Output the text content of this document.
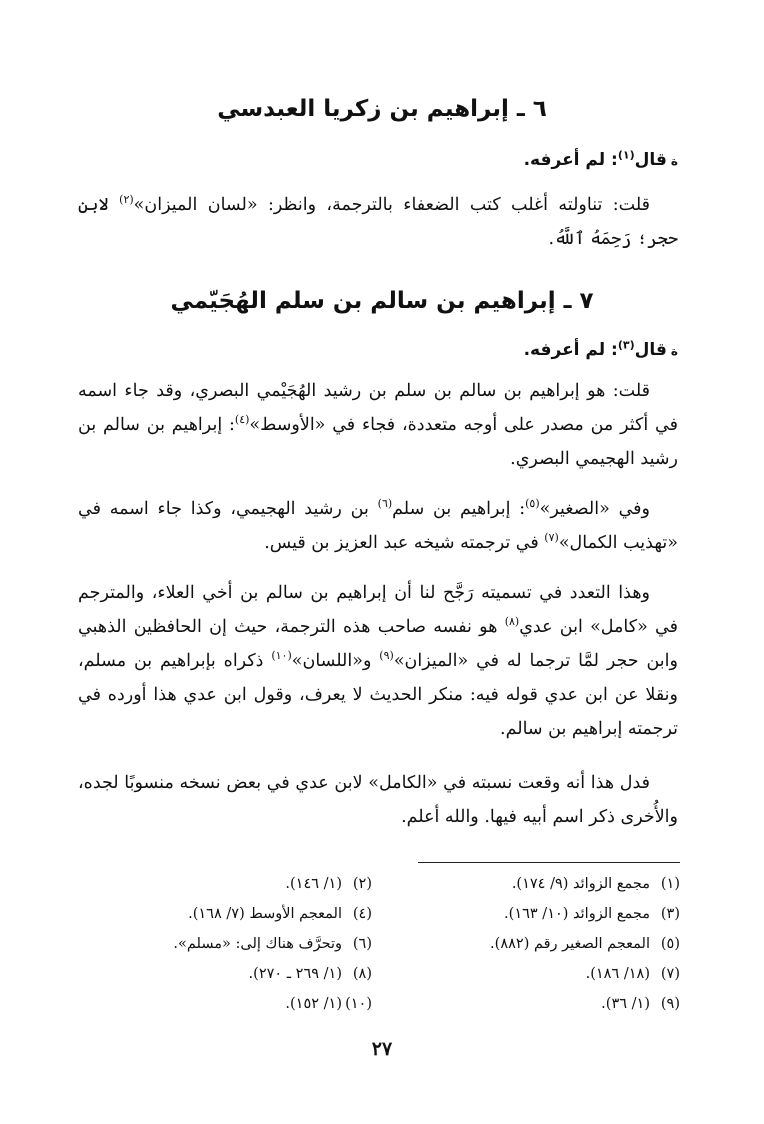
٦ ـ إبراهيم بن زكريا العبدسي
ةقال$^{(١)}$: لم أعرفه.
قلت: تناولته أغلب كتب الضعفاء بالترجمة، وانظر: «لسان الميزان»$^{(٢)}$ لابن حجر؛ رَحِمَهُ ٱللَّهُ.
٧ ـ إبراهيم بن سالم بن سلم الهُجَيّمي
ةقال$^{(٣)}$: لم أعرفه.
قلت: هو إبراهيم بن سالم بن سلم بن رشيد الهُجَيْمي البصري، وقد جاء اسمه في أكثر من مصدر على أوجه متعددة، فجاء في «الأوسط»$^{(٤)}$: إبراهيم بن سالم بن رشيد الهجيمي البصري.
وفي «الصغير»$^{(٥)}$: إبراهيم بن سلم$^{(٦)}$ بن رشيد الهجيمي، وكذا جاء اسمه في «تهذيب الكمال»$^{(٧)}$ في ترجمته شيخه عبد العزيز بن قيس.
وهذا التعدد في تسميته رَجَّح لنا أن إبراهيم بن سالم بن أخي العلاء، والمترجم في «كامل» ابن عدي$^{(٨)}$ هو نفسه صاحب هذه الترجمة، حيث إن الحافظين الذهبي وابن حجر لمَّا ترجما له في «الميزان»$^{(٩)}$ و«اللسان»$^{(١٠)}$ ذكراه بإبراهيم بن مسلم، ونقلا عن ابن عدي قوله فيه: منكر الحديث لا يعرف، وقول ابن عدي هذا أورده في ترجمته إبراهيم بن سالم.
فدل هذا أنه وقعت نسبته في «الكامل» لابن عدي في بعض نسخه منسوبًا لجده، والأُخرى ذكر اسم أبيه فيها. والله أعلم.
(١)مجمع الزوائد (٩/ ١٧٤).
(٣)مجمع الزوائد (١٠/ ١٦٣).
(٥)المعجم الصغير رقم (٨٨٢).
(٧)(١٨/ ١٨٦).
(٩)(١/ ٣٦).
(٢)(١/ ١٤٦).
(٤)المعجم الأوسط (٧/ ١٦٨).
(٦)وتحرَّف هناك إلى: «مسلم».
(٨)(١/ ٢٦٩ ـ ٢٧٠).
(١٠)(١/ ١٥٢).
٢٧
